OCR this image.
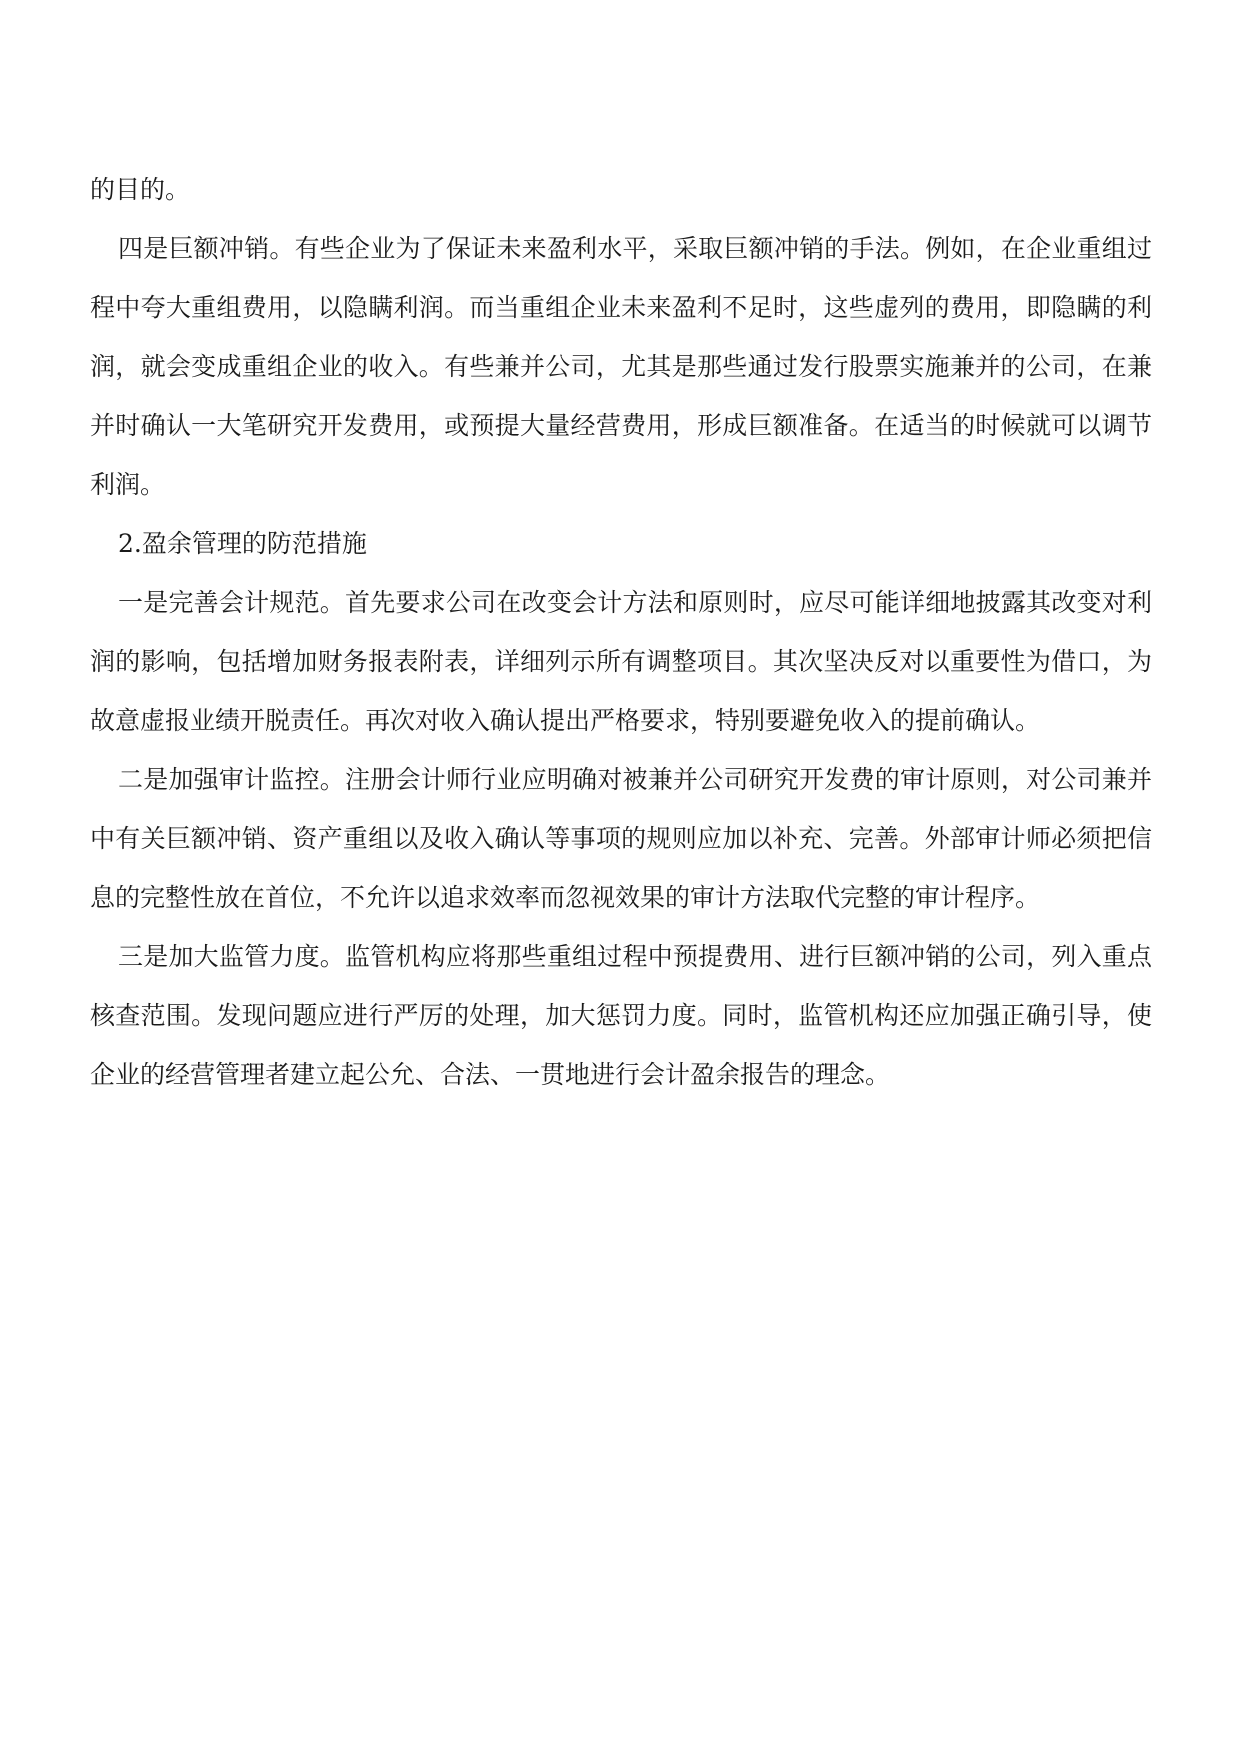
的目的。

四是巨额冲销。有些企业为了保证未来盈利水平，采取巨额冲销的手法。例如，在企业重组过程中夸大重组费用，以隐瞒利润。而当重组企业未来盈利不足时，这些虚列的费用，即隐瞒的利润，就会变成重组企业的收入。有些兼并公司，尤其是那些通过发行股票实施兼并的公司，在兼并时确认一大笔研究开发费用，或预提大量经营费用，形成巨额准备。在适当的时候就可以调节利润。

2.盈余管理的防范措施

一是完善会计规范。首先要求公司在改变会计方法和原则时，应尽可能详细地披露其改变对利润的影响，包括增加财务报表附表，详细列示所有调整项目。其次坚决反对以重要性为借口，为故意虚报业绩开脱责任。再次对收入确认提出严格要求，特别要避免收入的提前确认。

二是加强审计监控。注册会计师行业应明确对被兼并公司研究开发费的审计原则，对公司兼并中有关巨额冲销、资产重组以及收入确认等事项的规则应加以补充、完善。外部审计师必须把信息的完整性放在首位，不允许以追求效率而忽视效果的审计方法取代完整的审计程序。

三是加大监管力度。监管机构应将那些重组过程中预提费用、进行巨额冲销的公司，列入重点核查范围。发现问题应进行严厉的处理，加大惩罚力度。同时，监管机构还应加强正确引导，使企业的经营管理者建立起公允、合法、一贯地进行会计盈余报告的理念。
